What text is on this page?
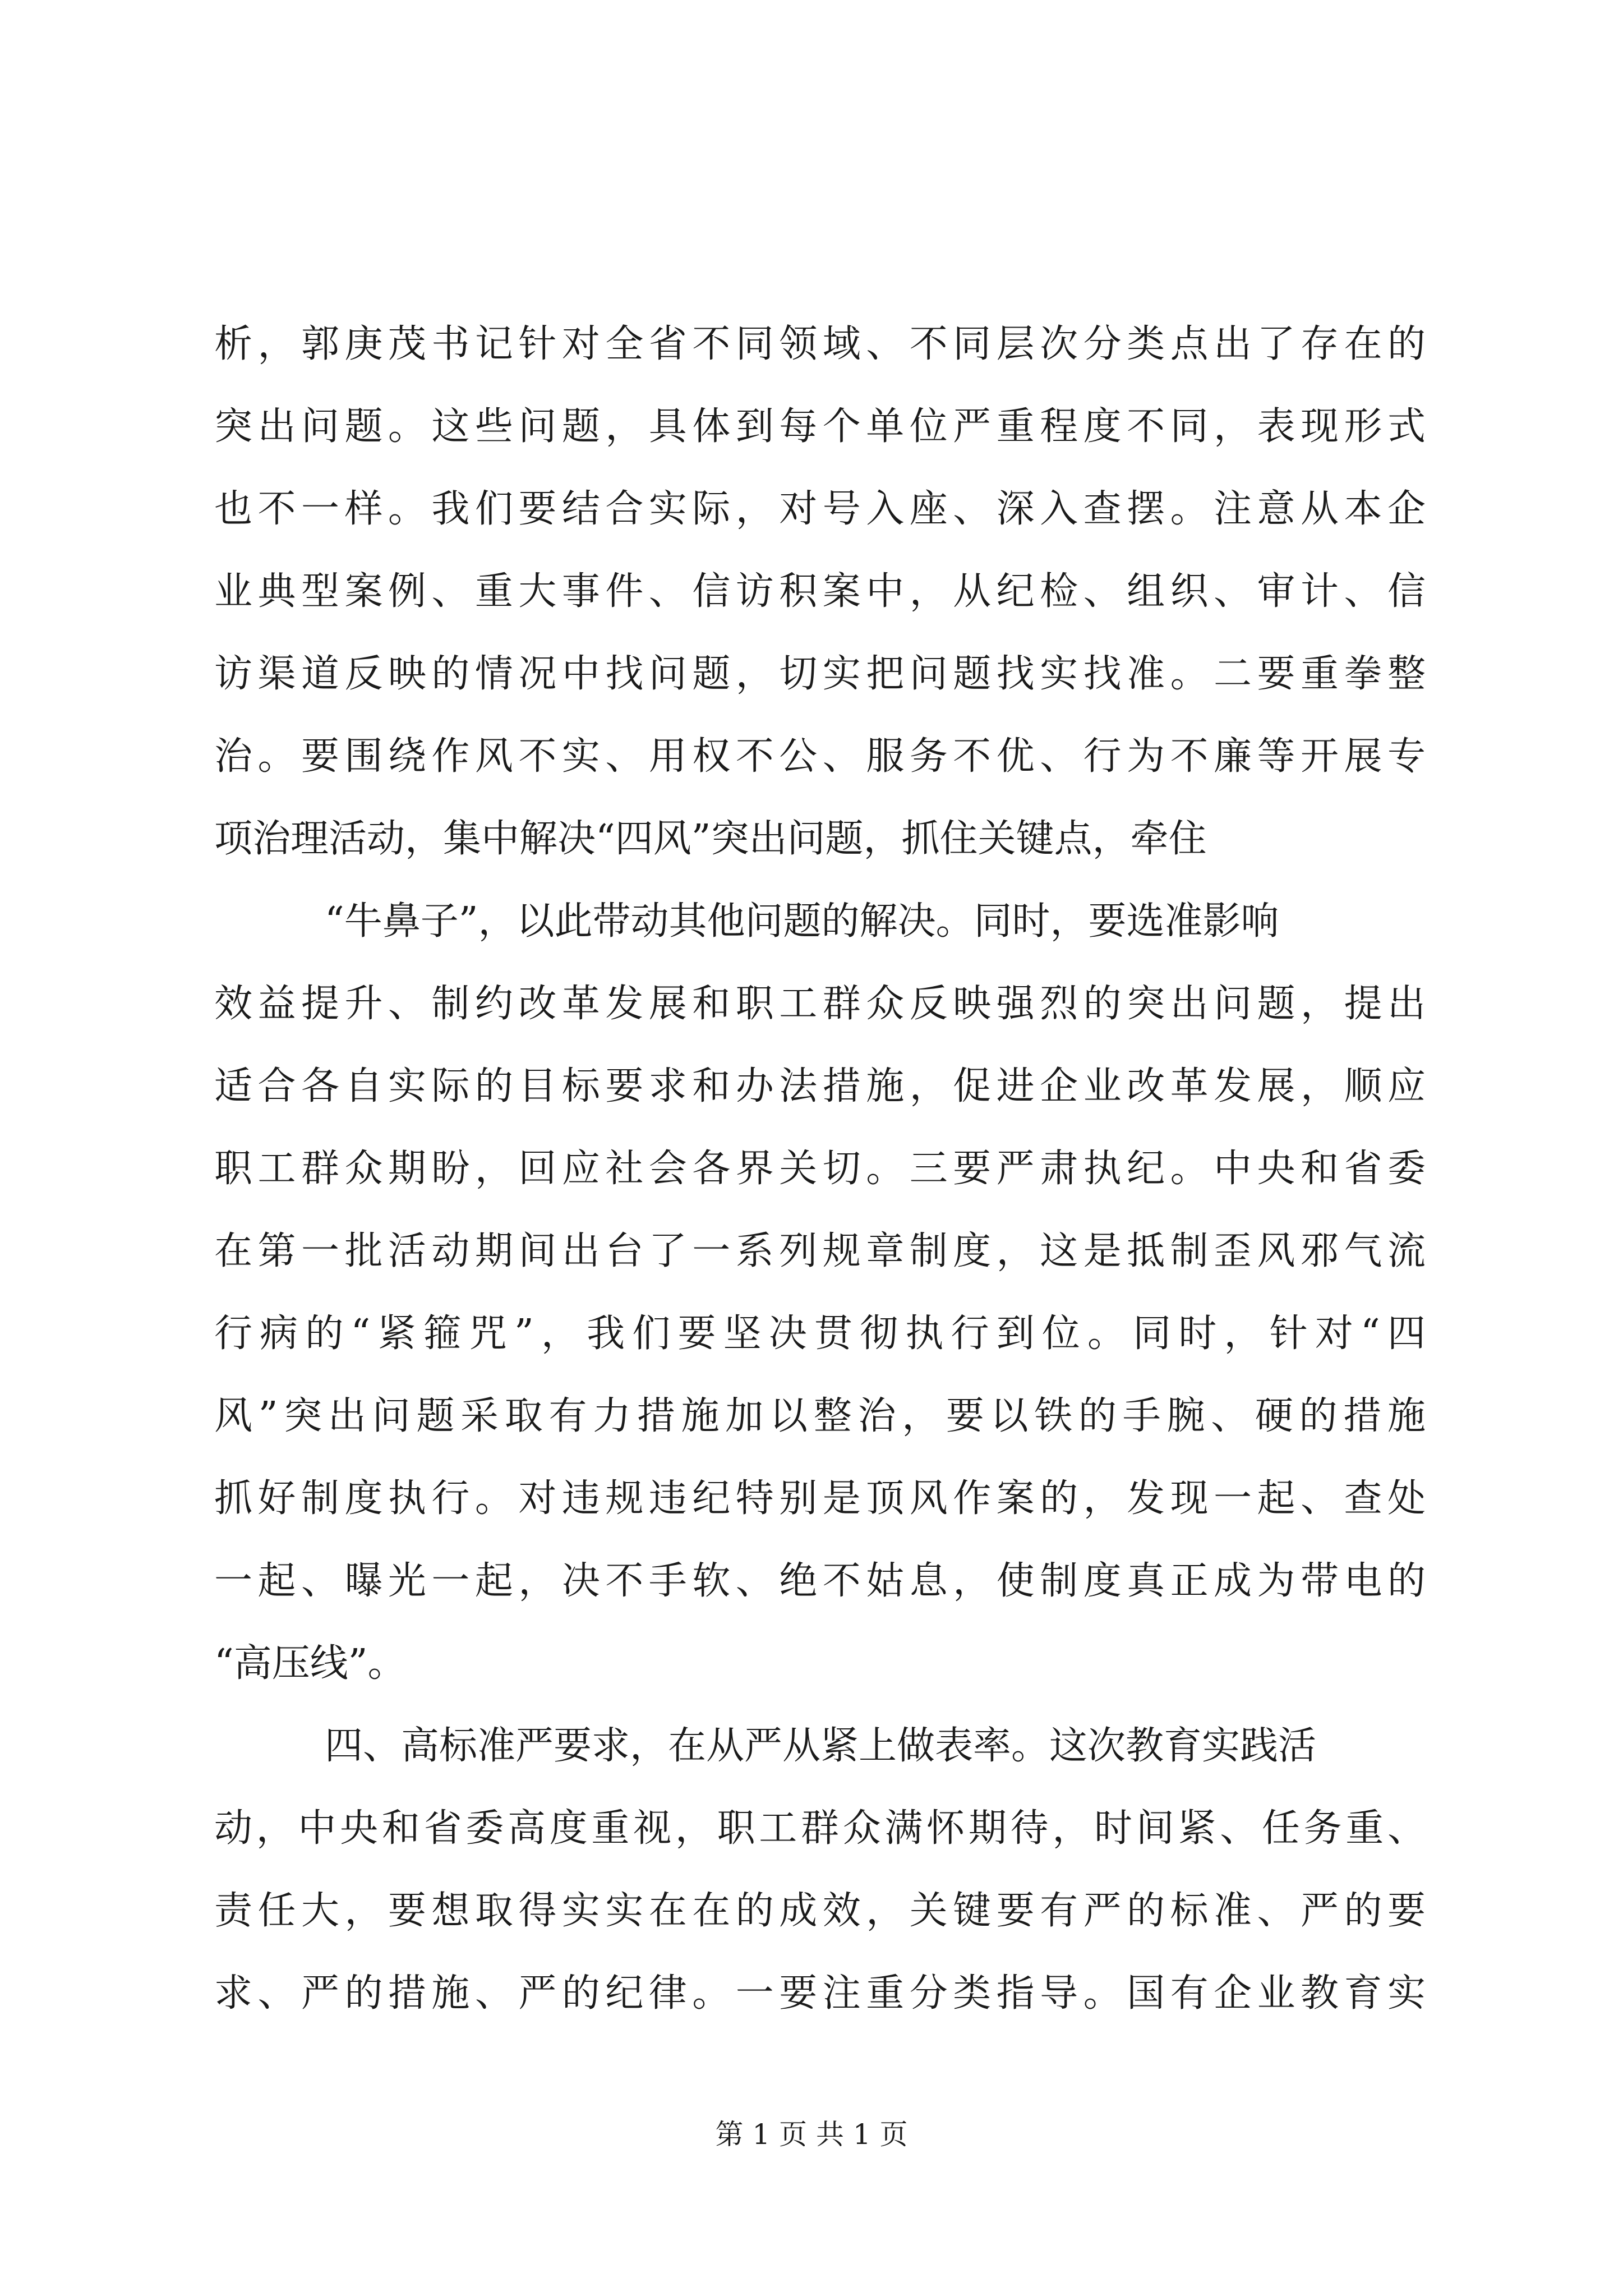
析，郭庚茂书记针对全省不同领域、不同层次分类点出了存在的
突出问题。这些问题，具体到每个单位严重程度不同，表现形式
也不一样。我们要结合实际，对号入座、深入查摆。注意从本企
业典型案例、重大事件、信访积案中，从纪检、组织、审计、信
访渠道反映的情况中找问题，切实把问题找实找准。二要重拳整
治。要围绕作风不实、用权不公、服务不优、行为不廉等开展专
项治理活动，集中解决“四风”突出问题，抓住关键点，牵住
“牛鼻子”，以此带动其他问题的解决。同时，要选准影响
效益提升、制约改革发展和职工群众反映强烈的突出问题，提出
适合各自实际的目标要求和办法措施，促进企业改革发展，顺应
职工群众期盼，回应社会各界关切。三要严肃执纪。中央和省委
在第一批活动期间出台了一系列规章制度，这是抵制歪风邪气流
行病的“紧箍咒”，我们要坚决贯彻执行到位。同时，针对“四
风”突出问题采取有力措施加以整治，要以铁的手腕、硬的措施
抓好制度执行。对违规违纪特别是顶风作案的，发现一起、查处
一起、曝光一起，决不手软、绝不姑息，使制度真正成为带电的
“高压线”。
四、高标准严要求，在从严从紧上做表率。这次教育实践活
动，中央和省委高度重视，职工群众满怀期待，时间紧、任务重、
责任大，要想取得实实在在的成效，关键要有严的标准、严的要
求、严的措施、严的纪律。一要注重分类指导。国有企业教育实
第 1 页 共 1 页
